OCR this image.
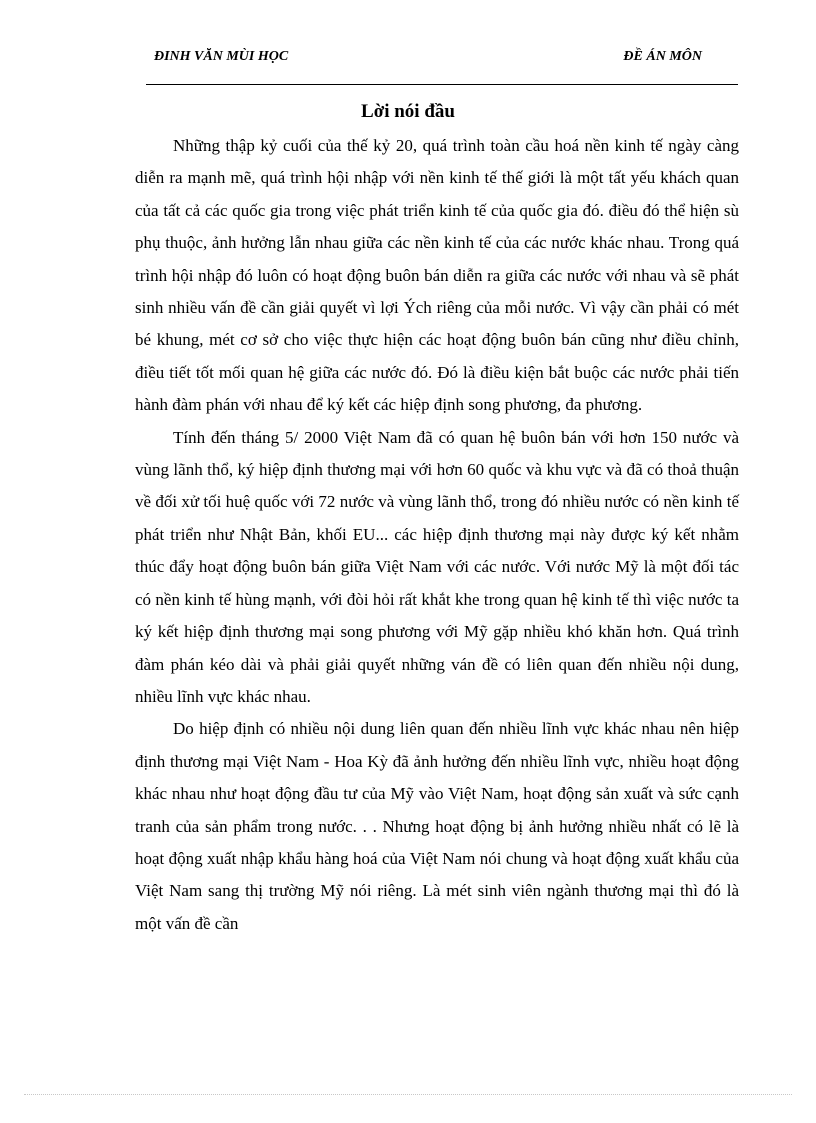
ĐINH VĂN MÙI HỌC	ĐỀ ÁN MÔN
Lời nói đầu

Những thập kỷ cuối của thế kỷ 20, quá trình toàn cầu hoá nền kinh tế ngày càng diễn ra mạnh mẽ, quá trình hội nhập với nền kinh tế thế giới là một tất yếu khách quan của tất cả các quốc gia trong việc phát triển kinh tế của quốc gia đó. điều đó thể hiện sù phụ thuộc, ảnh hưởng lẫn nhau giữa các nền kinh tế của các nước khác nhau. Trong quá trình hội nhập đó luôn có hoạt động buôn bán diễn ra giữa các nước với nhau và sẽ phát sinh nhiều vấn đề cần giải quyết vì lợi Ých riêng của mỗi nước. Vì vậy cần phải có mét bé khung, mét cơ sở cho việc thực hiện các hoạt động buôn bán cũng như điều chỉnh, điều tiết tốt mối quan hệ giữa các nước đó. Đó là điều kiện bắt buộc các nước phải tiến hành đàm phán với nhau để ký kết các hiệp định song phương, đa phương.

Tính đến tháng 5/ 2000 Việt Nam đã có quan hệ buôn bán với hơn 150 nước và vùng lãnh thổ, ký hiệp định thương mại với hơn 60 quốc và khu vực và đã có thoả thuận về đối xử tối huệ quốc với 72 nước và vùng lãnh thổ, trong đó nhiều nước có nền kinh tế phát triển như Nhật Bản, khối EU... các hiệp định thương mại này được ký kết nhằm thúc đẩy hoạt động buôn bán giữa Việt Nam với các nước. Với nước Mỹ là một đối tác có nền kinh tế hùng mạnh, với đòi hỏi rất khắt khe trong quan hệ kinh tế thì việc nước ta ký kết hiệp định thương mại song phương với Mỹ gặp nhiều khó khăn hơn. Quá trình đàm phán kéo dài và phải giải quyết những ván đề có liên quan đến nhiều nội dung, nhiều lĩnh vực khác nhau.

Do hiệp định có nhiều nội dung liên quan đến nhiều lĩnh vực khác nhau nên hiệp định thương mại Việt Nam - Hoa Kỳ đã ảnh hưởng đến nhiều lĩnh vực, nhiều hoạt động khác nhau như hoạt động đầu tư của Mỹ vào Việt Nam, hoạt động sản xuất và sức cạnh tranh của sản phẩm trong nước. . . Nhưng hoạt động bị ảnh hưởng nhiều nhất có lẽ là hoạt động xuất nhập khẩu hàng hoá của Việt Nam nói chung và hoạt động xuất khẩu của Việt Nam sang thị trường Mỹ nói riêng. Là mét sinh viên ngành thương mại thì đó là một vấn đề cần
